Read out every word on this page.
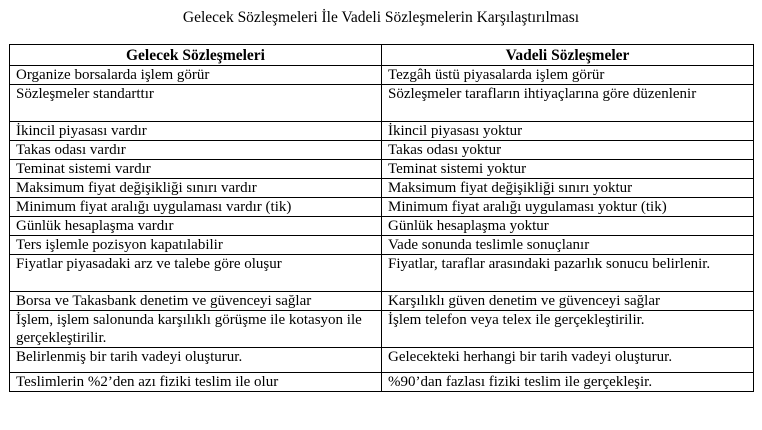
Gelecek Sözleşmeleri İle Vadeli Sözleşmelerin Karşılaştırılması
Gelecek Sözleşmeleri	Vadeli Sözleşmeler
Organize borsalarda işlem görür	Tezgâh üstü piyasalarda işlem görür
Sözleşmeler standarttır	Sözleşmeler tarafların ihtiyaçlarına göre düzenlenir
İkincil piyasası vardır	İkincil piyasası yoktur
Takas odası vardır	Takas odası yoktur
Teminat sistemi vardır	Teminat sistemi yoktur
Maksimum fiyat değişikliği sınırı vardır	Maksimum fiyat değişikliği sınırı yoktur
Minimum fiyat aralığı uygulaması vardır (tik)	Minimum fiyat aralığı uygulaması yoktur (tik)
Günlük hesaplaşma vardır	Günlük hesaplaşma yoktur
Ters işlemle pozisyon kapatılabilir	Vade sonunda teslimle sonuçlanır
Fiyatlar piyasadaki arz ve talebe göre oluşur	Fiyatlar, taraflar arasındaki pazarlık sonucu belirlenir.
Borsa ve Takasbank denetim ve güvenceyi sağlar	Karşılıklı güven denetim ve güvenceyi sağlar
İşlem, işlem salonunda karşılıklı görüşme ile kotasyon ile gerçekleştirilir.	İşlem telefon veya telex ile gerçekleştirilir.
Belirlenmiş bir tarih vadeyi oluşturur.	Gelecekteki herhangi bir tarih vadeyi oluşturur.
Teslimlerin %2’den azı fiziki teslim ile olur	%90’dan fazlası fiziki teslim ile gerçekleşir.
